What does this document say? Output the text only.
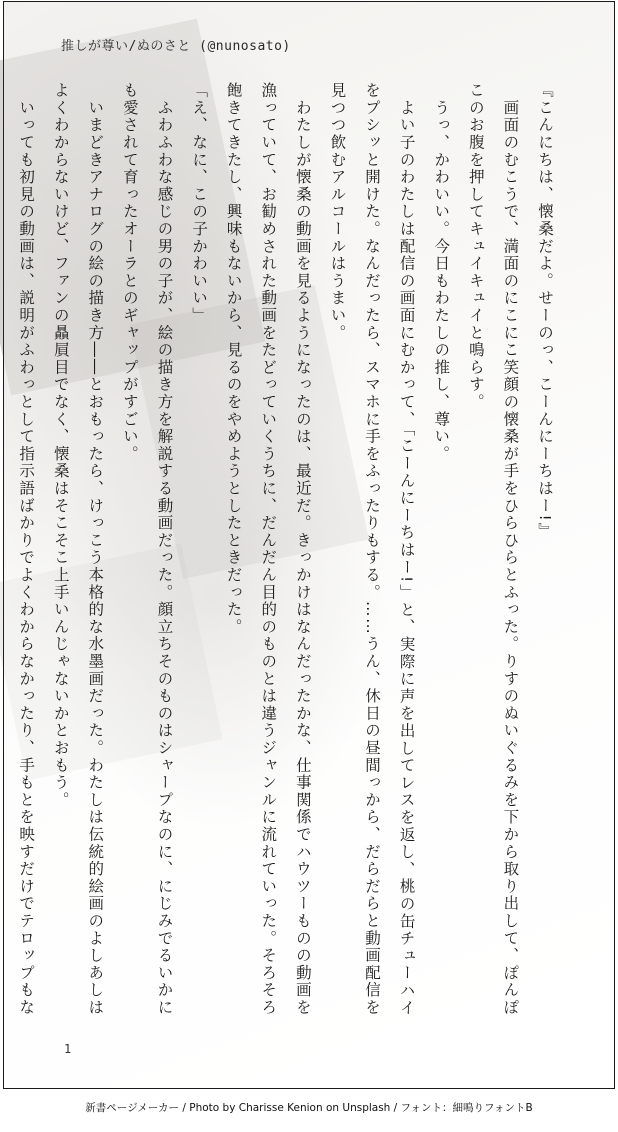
推しが尊い/ぬのさと (@nunosato)

『こんにちは、懐桑だよ。せーのっ、こーんにーちはー!』

　画面のむこうで、満面のにこにこ笑顔の懐桑が手をひらひらとふった。りすのぬいぐるみを下から取り出して、ぽんぽこのお腹を押してキュイキュイと鳴らす。

　うっ、かわいい。今日もわたしの推し、尊い。

　よい子のわたしは配信の画面にむかって、「こーんにーちはー!」と、実際に声を出してレスを返し、桃の缶チューハイをプシッと開けた。なんだったら、スマホに手をふったりもする。……うん、休日の昼間っから、だらだらと動画配信を見つつ飲むアルコールはうまい。

　わたしが懐桑の動画を見るようになったのは、最近だ。きっかけはなんだったかな、仕事関係でハウツーものの動画を漁っていて、お勧めされた動画をたどっていくうちに、だんだん目的のものとは違うジャンルに流れていった。そろそろ飽きてきたし、興味もないから、見るのをやめようとしたときだった。

「え、なに、この子かわいい」

　ふわふわな感じの男の子が、絵の描き方を解説する動画だった。顔立ちそのものはシャープなのに、にじみでるいかにも愛されて育ったオーラとのギャップがすごい。

　いまどきアナログの絵の描き方――とおもったら、けっこう本格的な水墨画だった。わたしは伝統的絵画のよしあしはよくわからないけど、ファンの贔屓目でなく、懐桑はそこそこ上手いんじゃないかとおもう。

　いっても初見の動画は、説明がふわっとして指示語ばかりでよくわからなかったり、手もとを映すだけでテロップもな

1
新書ページメーカー / Photo by Charisse Kenion on Unsplash / フォント：細鳴りフォントB
